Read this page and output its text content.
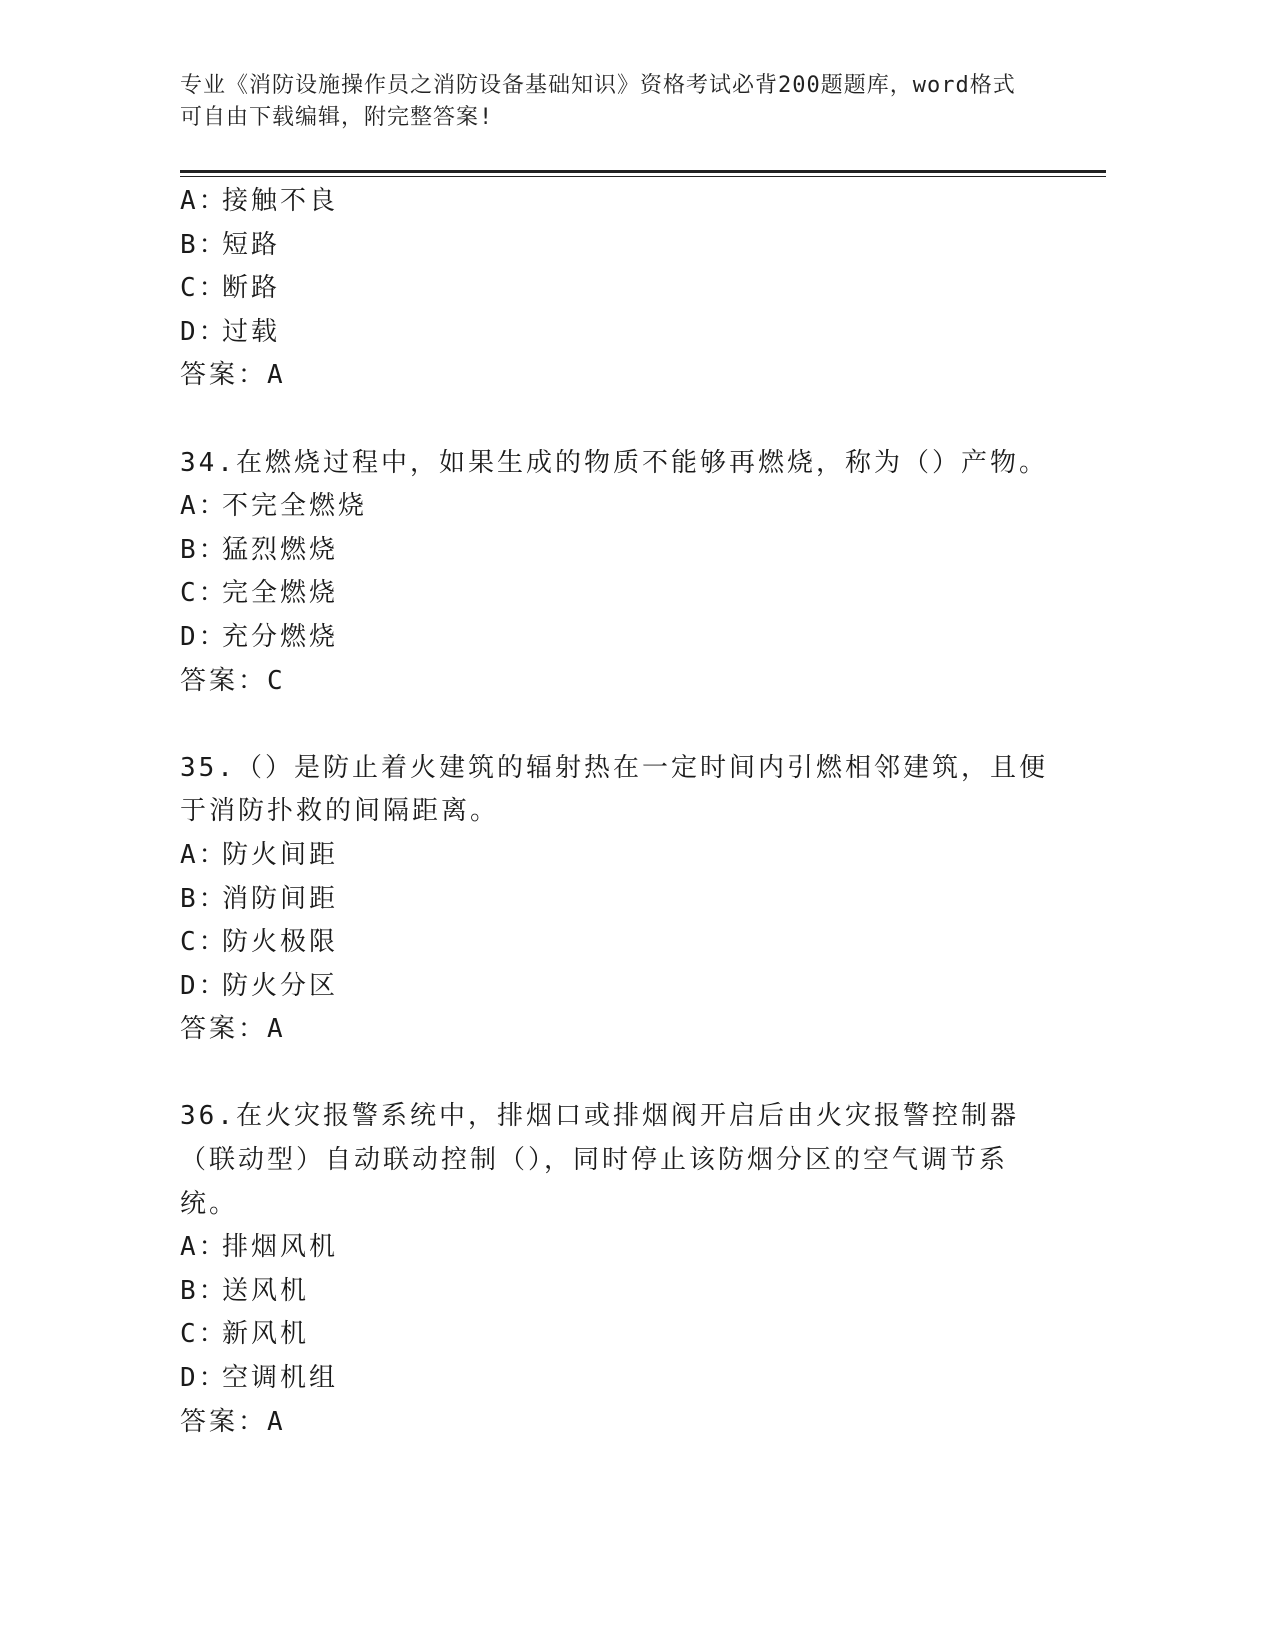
专业《消防设施操作员之消防设备基础知识》资格考试必背200题题库，word格式可自由下载编辑，附完整答案!
A：接触不良
B：短路
C：断路
D：过载
答案：A
34.在燃烧过程中，如果生成的物质不能够再燃烧，称为（）产物。
A：不完全燃烧
B：猛烈燃烧
C：完全燃烧
D：充分燃烧
答案：C
35.（）是防止着火建筑的辐射热在一定时间内引燃相邻建筑，且便于消防扑救的间隔距离。
A：防火间距
B：消防间距
C：防火极限
D：防火分区
答案：A
36.在火灾报警系统中，排烟口或排烟阀开启后由火灾报警控制器（联动型）自动联动控制（），同时停止该防烟分区的空气调节系统。
A：排烟风机
B：送风机
C：新风机
D：空调机组
答案：A
